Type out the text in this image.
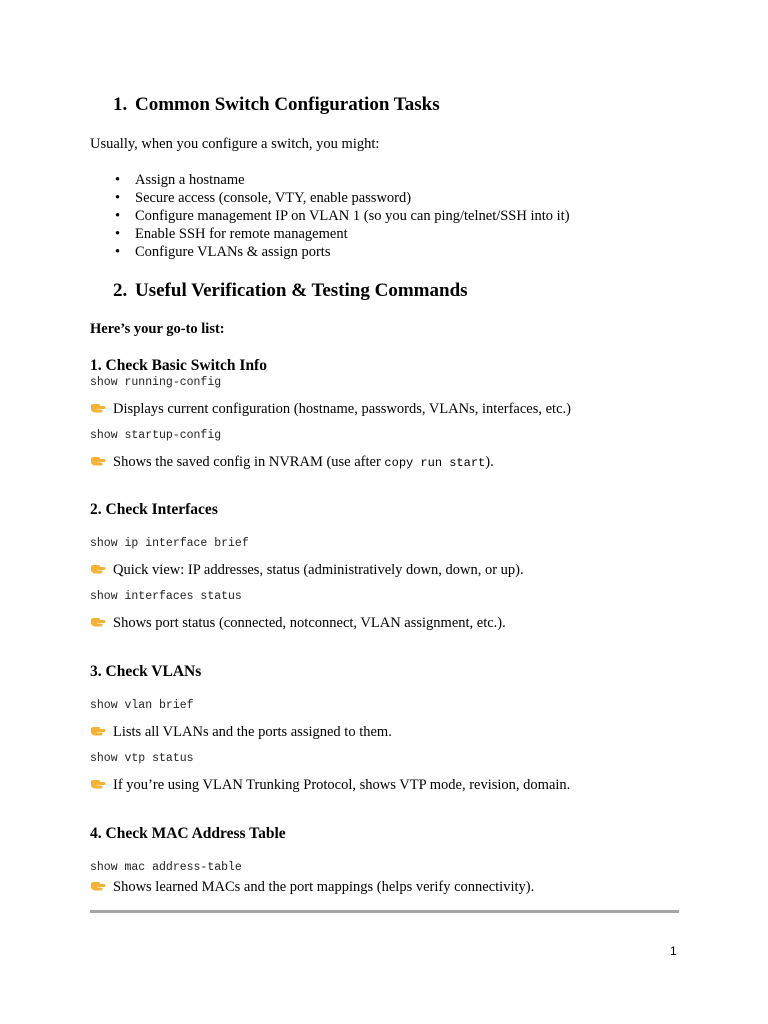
1. Common Switch Configuration Tasks
Usually, when you configure a switch, you might:
• Assign a hostname
• Secure access (console, VTY, enable password)
• Configure management IP on VLAN 1 (so you can ping/telnet/SSH into it)
• Enable SSH for remote management
• Configure VLANs & assign ports
2. Useful Verification & Testing Commands
Here’s your go-to list:
1. Check Basic Switch Info
show running-config
Displays current configuration (hostname, passwords, VLANs, interfaces, etc.)
show startup-config
Shows the saved config in NVRAM (use after copy run start).
2. Check Interfaces
show ip interface brief
Quick view: IP addresses, status (administratively down, down, or up).
show interfaces status
Shows port status (connected, notconnect, VLAN assignment, etc.).
3. Check VLANs
show vlan brief
Lists all VLANs and the ports assigned to them.
show vtp status
If you’re using VLAN Trunking Protocol, shows VTP mode, revision, domain.
4. Check MAC Address Table
show mac address-table
Shows learned MACs and the port mappings (helps verify connectivity).
1
